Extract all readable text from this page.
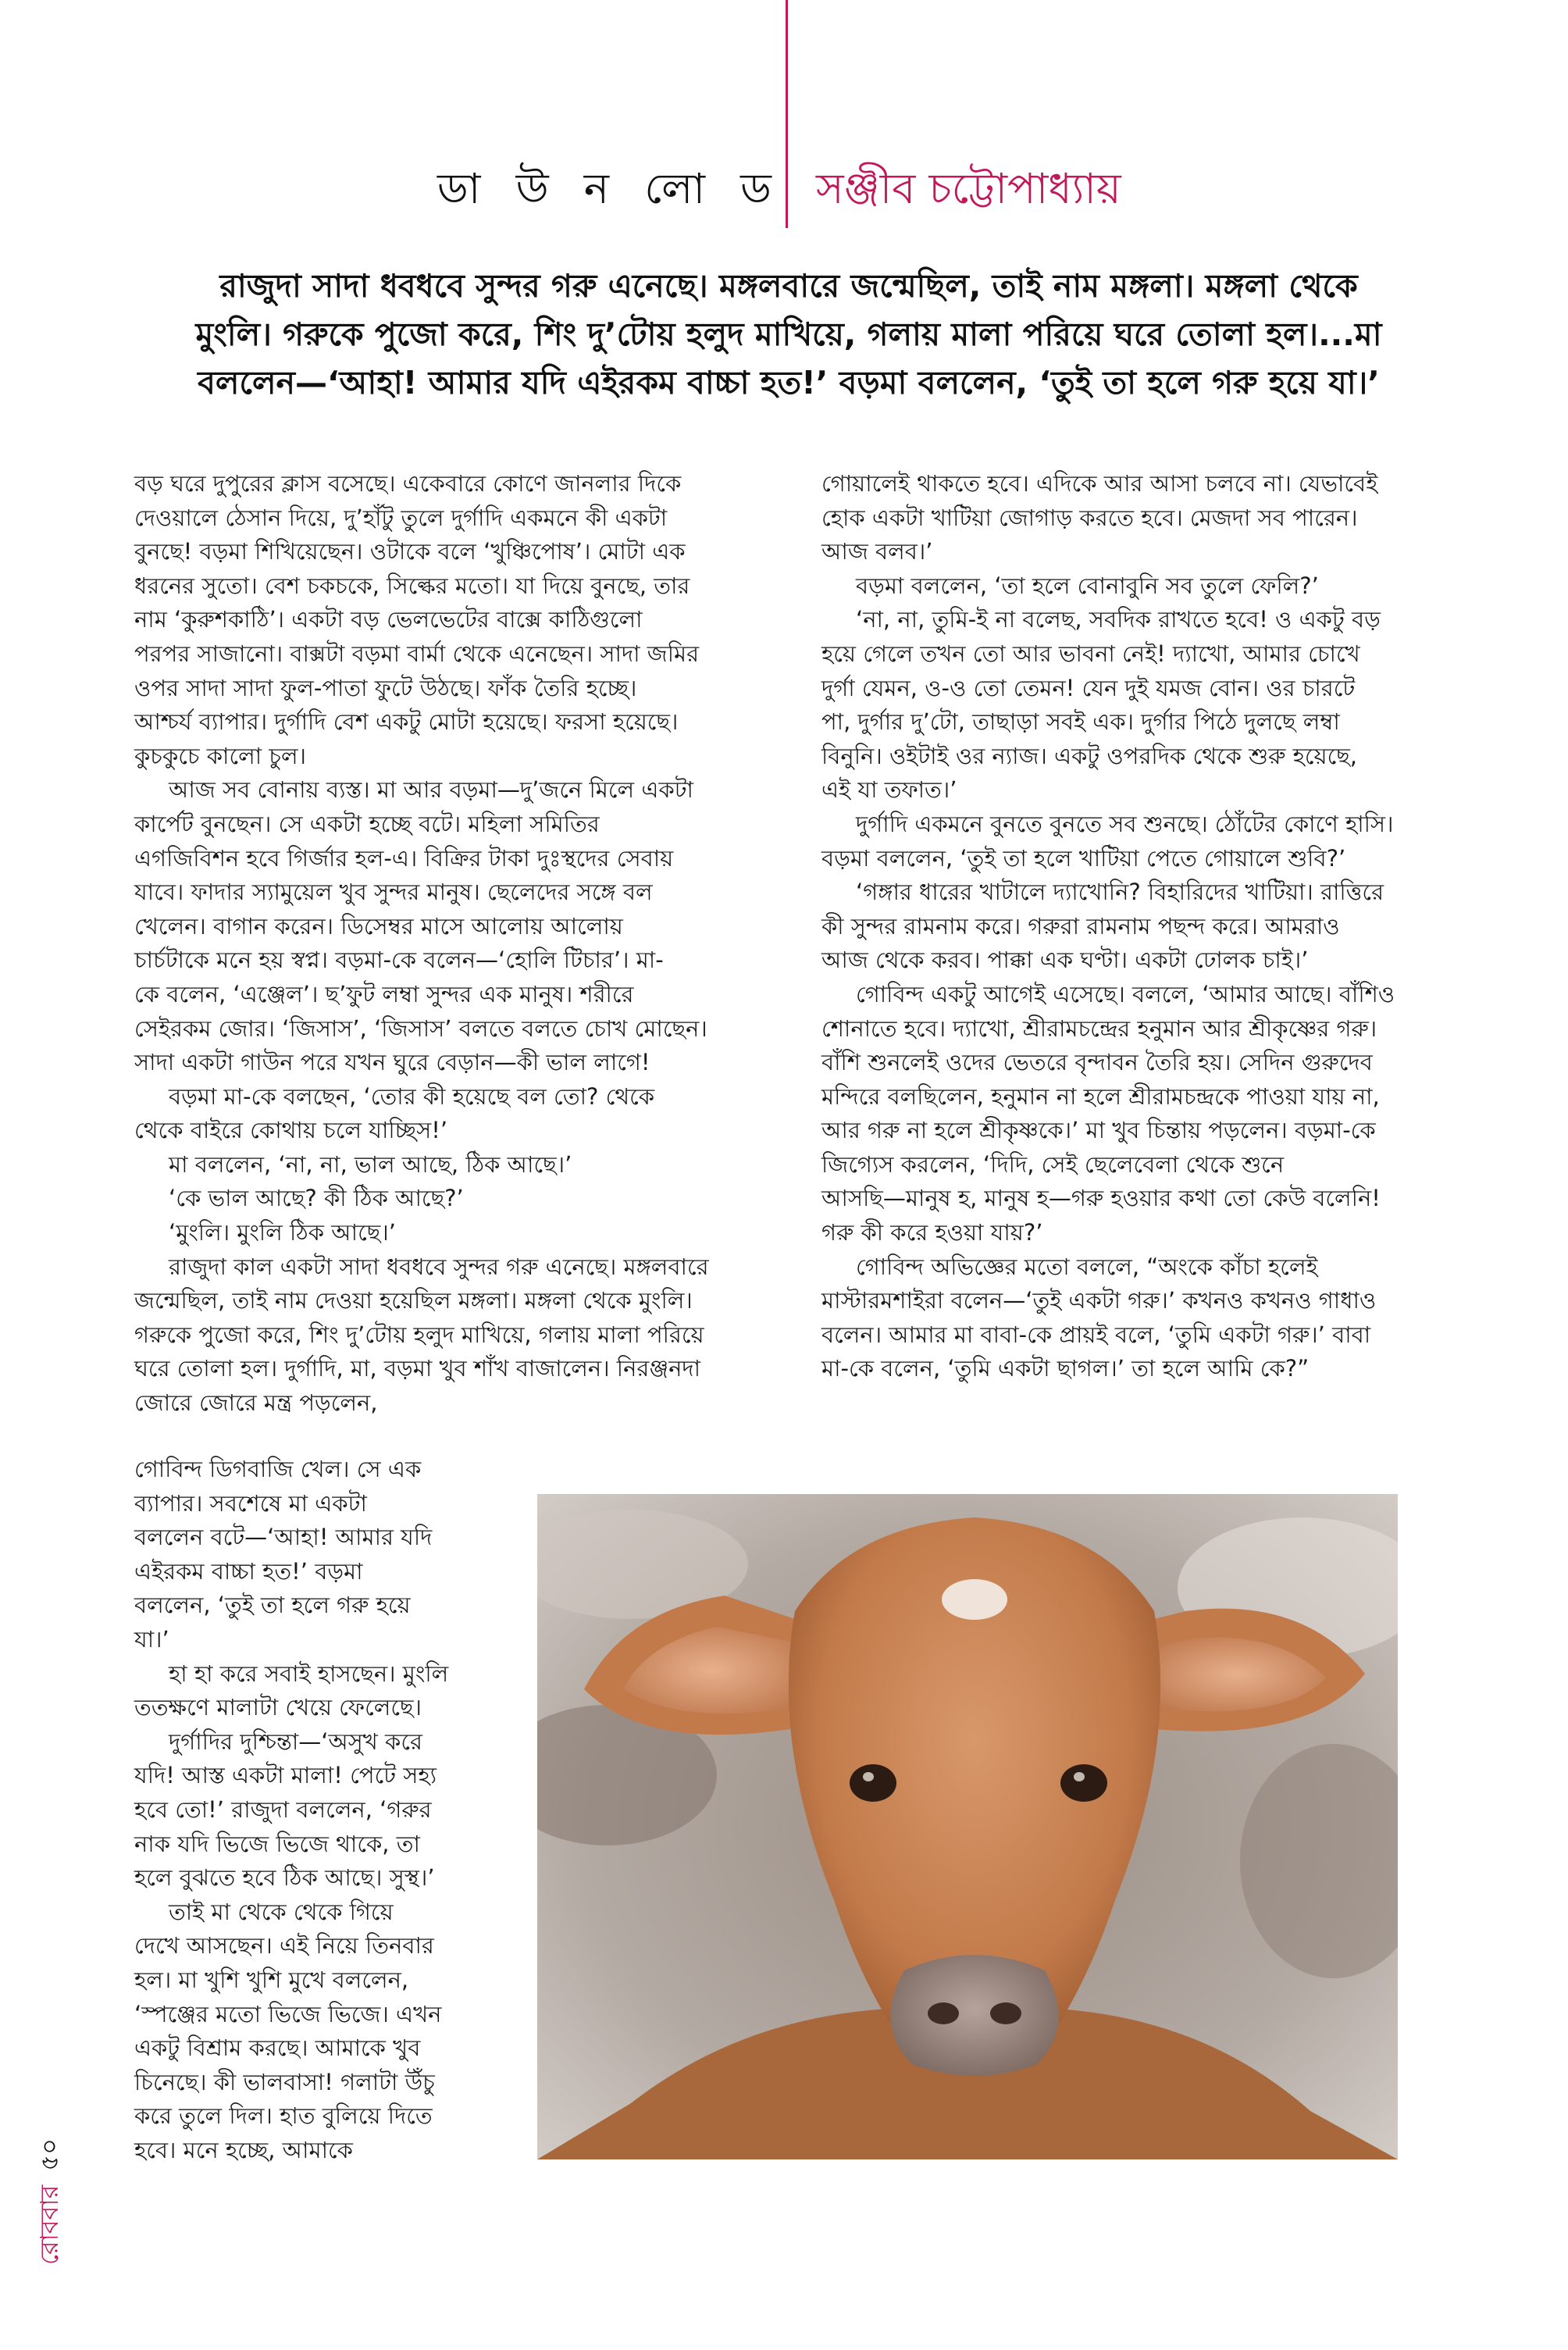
ডা উ ন লো ড সঞ্জীব চট্টোপাধ্যায়

রাজুদা সাদা ধবধবে সুন্দর গরু এনেছে। মঙ্গলবারে জন্মেছিল, তাই নাম মঙ্গলা। মঙ্গলা থেকে

মুংলি। গরুকে পুজো করে, শিং দু’টোয় হলুদ মাখিয়ে, গলায় মালা পরিয়ে ঘরে তোলা হল।...মা

বললেন—‘আহা! আমার যদি এইরকম বাচ্চা হত!’ বড়মা বললেন, ‘তুই তা হলে গরু হয়ে যা।’

বড় ঘরে দুপুরের ক্লাস বসেছে। একেবারে কোণে জানলার দিকে

দেওয়ালে ঠেসান দিয়ে, দু’হাঁটু তুলে দুর্গাদি একমনে কী একটা

বুনছে! বড়মা শিখিয়েছেন। ওটাকে বলে ‘খুঞ্চিপোষ’। মোটা এক

ধরনের সুতো। বেশ চকচকে, সিল্কের মতো। যা দিয়ে বুনছে, তার

নাম ‘কুরুশকাঠি’। একটা বড় ভেলভেটের বাক্সে কাঠিগুলো

পরপর সাজানো। বাক্সটা বড়মা বার্মা থেকে এনেছেন। সাদা জমির

ওপর সাদা সাদা ফুল-পাতা ফুটে উঠছে। ফাঁক তৈরি হচ্ছে।

আশ্চর্য ব্যাপার। দুর্গাদি বেশ একটু মোটা হয়েছে। ফরসা হয়েছে।

কুচকুচে কালো চুল।

আজ সব বোনায় ব্যস্ত। মা আর বড়মা—দু’জনে মিলে একটা

কার্পেট বুনছেন। সে একটা হচ্ছে বটে। মহিলা সমিতির

এগজিবিশন হবে গির্জার হল-এ। বিক্রির টাকা দুঃস্থদের সেবায়

যাবে। ফাদার স্যামুয়েল খুব সুন্দর মানুষ। ছেলেদের সঙ্গে বল

খেলেন। বাগান করেন। ডিসেম্বর মাসে আলোয় আলোয়

চার্চটাকে মনে হয় স্বপ্ন। বড়মা-কে বলেন—‘হোলি টিচার’। মা-

কে বলেন, ‘এঞ্জেল’। ছ’ফুট লম্বা সুন্দর এক মানুষ। শরীরে

সেইরকম জোর। ‘জিসাস’, ‘জিসাস’ বলতে বলতে চোখ মোছেন।

সাদা একটা গাউন পরে যখন ঘুরে বেড়ান—কী ভাল লাগে!

বড়মা মা-কে বলছেন, ‘তোর কী হয়েছে বল তো? থেকে

থেকে বাইরে কোথায় চলে যাচ্ছিস!’

মা বললেন, ‘না, না, ভাল আছে, ঠিক আছে।’

‘কে ভাল আছে? কী ঠিক আছে?’

‘মুংলি। মুংলি ঠিক আছে।’

রাজুদা কাল একটা সাদা ধবধবে সুন্দর গরু এনেছে। মঙ্গলবারে

জন্মেছিল, তাই নাম দেওয়া হয়েছিল মঙ্গলা। মঙ্গলা থেকে মুংলি।

গরুকে পুজো করে, শিং দু’টোয় হলুদ মাখিয়ে, গলায় মালা পরিয়ে

ঘরে তোলা হল। দুর্গাদি, মা, বড়মা খুব শাঁখ বাজালেন। নিরঞ্জনদা

জোরে জোরে মন্ত্র পড়লেন,

গোবিন্দ ডিগবাজি খেল। সে এক

ব্যাপার। সবশেষে মা একটা

বললেন বটে—‘আহা! আমার যদি

এইরকম বাচ্চা হত!’ বড়মা

বললেন, ‘তুই তা হলে গরু হয়ে

যা।’

হা হা করে সবাই হাসছেন। মুংলি

ততক্ষণে মালাটা খেয়ে ফেলেছে।

দুর্গাদির দুশ্চিন্তা—‘অসুখ করে

যদি! আস্ত একটা মালা! পেটে সহ্য

হবে তো!’ রাজুদা বললেন, ‘গরুর

নাক যদি ভিজে ভিজে থাকে, তা

হলে বুঝতে হবে ঠিক আছে। সুস্থ।’

তাই মা থেকে থেকে গিয়ে

দেখে আসছেন। এই নিয়ে তিনবার

হল। মা খুশি খুশি মুখে বললেন,

‘স্পঞ্জের মতো ভিজে ভিজে। এখন

একটু বিশ্রাম করছে। আমাকে খুব

চিনেছে। কী ভালবাসা! গলাটা উঁচু

করে তুলে দিল। হাত বুলিয়ে দিতে

হবে। মনে হচ্ছে, আমাকে

গোয়ালেই থাকতে হবে। এদিকে আর আসা চলবে না। যেভাবেই

হোক একটা খাটিয়া জোগাড় করতে হবে। মেজদা সব পারেন।

আজ বলব।’

বড়মা বললেন, ‘তা হলে বোনাবুনি সব তুলে ফেলি?’

‘না, না, তুমি-ই না বলেছ, সবদিক রাখতে হবে! ও একটু বড়

হয়ে গেলে তখন তো আর ভাবনা নেই! দ্যাখো, আমার চোখে

দুর্গা যেমন, ও-ও তো তেমন! যেন দুই যমজ বোন। ওর চারটে

পা, দুর্গার দু’টো, তাছাড়া সবই এক। দুর্গার পিঠে দুলছে লম্বা

বিনুনি। ওইটাই ওর ন্যাজ। একটু ওপরদিক থেকে শুরু হয়েছে,

এই যা তফাত।’

দুর্গাদি একমনে বুনতে বুনতে সব শুনছে। ঠোঁটের কোণে হাসি।

বড়মা বললেন, ‘তুই তা হলে খাটিয়া পেতে গোয়ালে শুবি?’

‘গঙ্গার ধারের খাটালে দ্যাখোনি? বিহারিদের খাটিয়া। রাত্তিরে

কী সুন্দর রামনাম করে। গরুরা রামনাম পছন্দ করে। আমরাও

আজ থেকে করব। পাক্কা এক ঘণ্টা। একটা ঢোলক চাই।’

গোবিন্দ একটু আগেই এসেছে। বললে, ‘আমার আছে। বাঁশিও

শোনাতে হবে। দ্যাখো, শ্রীরামচন্দ্রের হনুমান আর শ্রীকৃষ্ণের গরু।

বাঁশি শুনলেই ওদের ভেতরে বৃন্দাবন তৈরি হয়। সেদিন গুরুদেব

মন্দিরে বলছিলেন, হনুমান না হলে শ্রীরামচন্দ্রকে পাওয়া যায় না,

আর গরু না হলে শ্রীকৃষ্ণকে।’ মা খুব চিন্তায় পড়লেন। বড়মা-কে

জিগ্যেস করলেন, ‘দিদি, সেই ছেলেবেলা থেকে শুনে

আসছি—মানুষ হ, মানুষ হ—গরু হওয়ার কথা তো কেউ বলেনি!

গরু কী করে হওয়া যায়?’

গোবিন্দ অভিজ্ঞের মতো বললে, “অংকে কাঁচা হলেই

মাস্টারমশাইরা বলেন—‘তুই একটা গরু।’ কখনও কখনও গাধাও

বলেন। আমার মা বাবা-কে প্রায়ই বলে, ‘তুমি একটা গরু।’ বাবা

মা-কে বলেন, ‘তুমি একটা ছাগল।’ তা হলে আমি কে?”

রোববার৫০
